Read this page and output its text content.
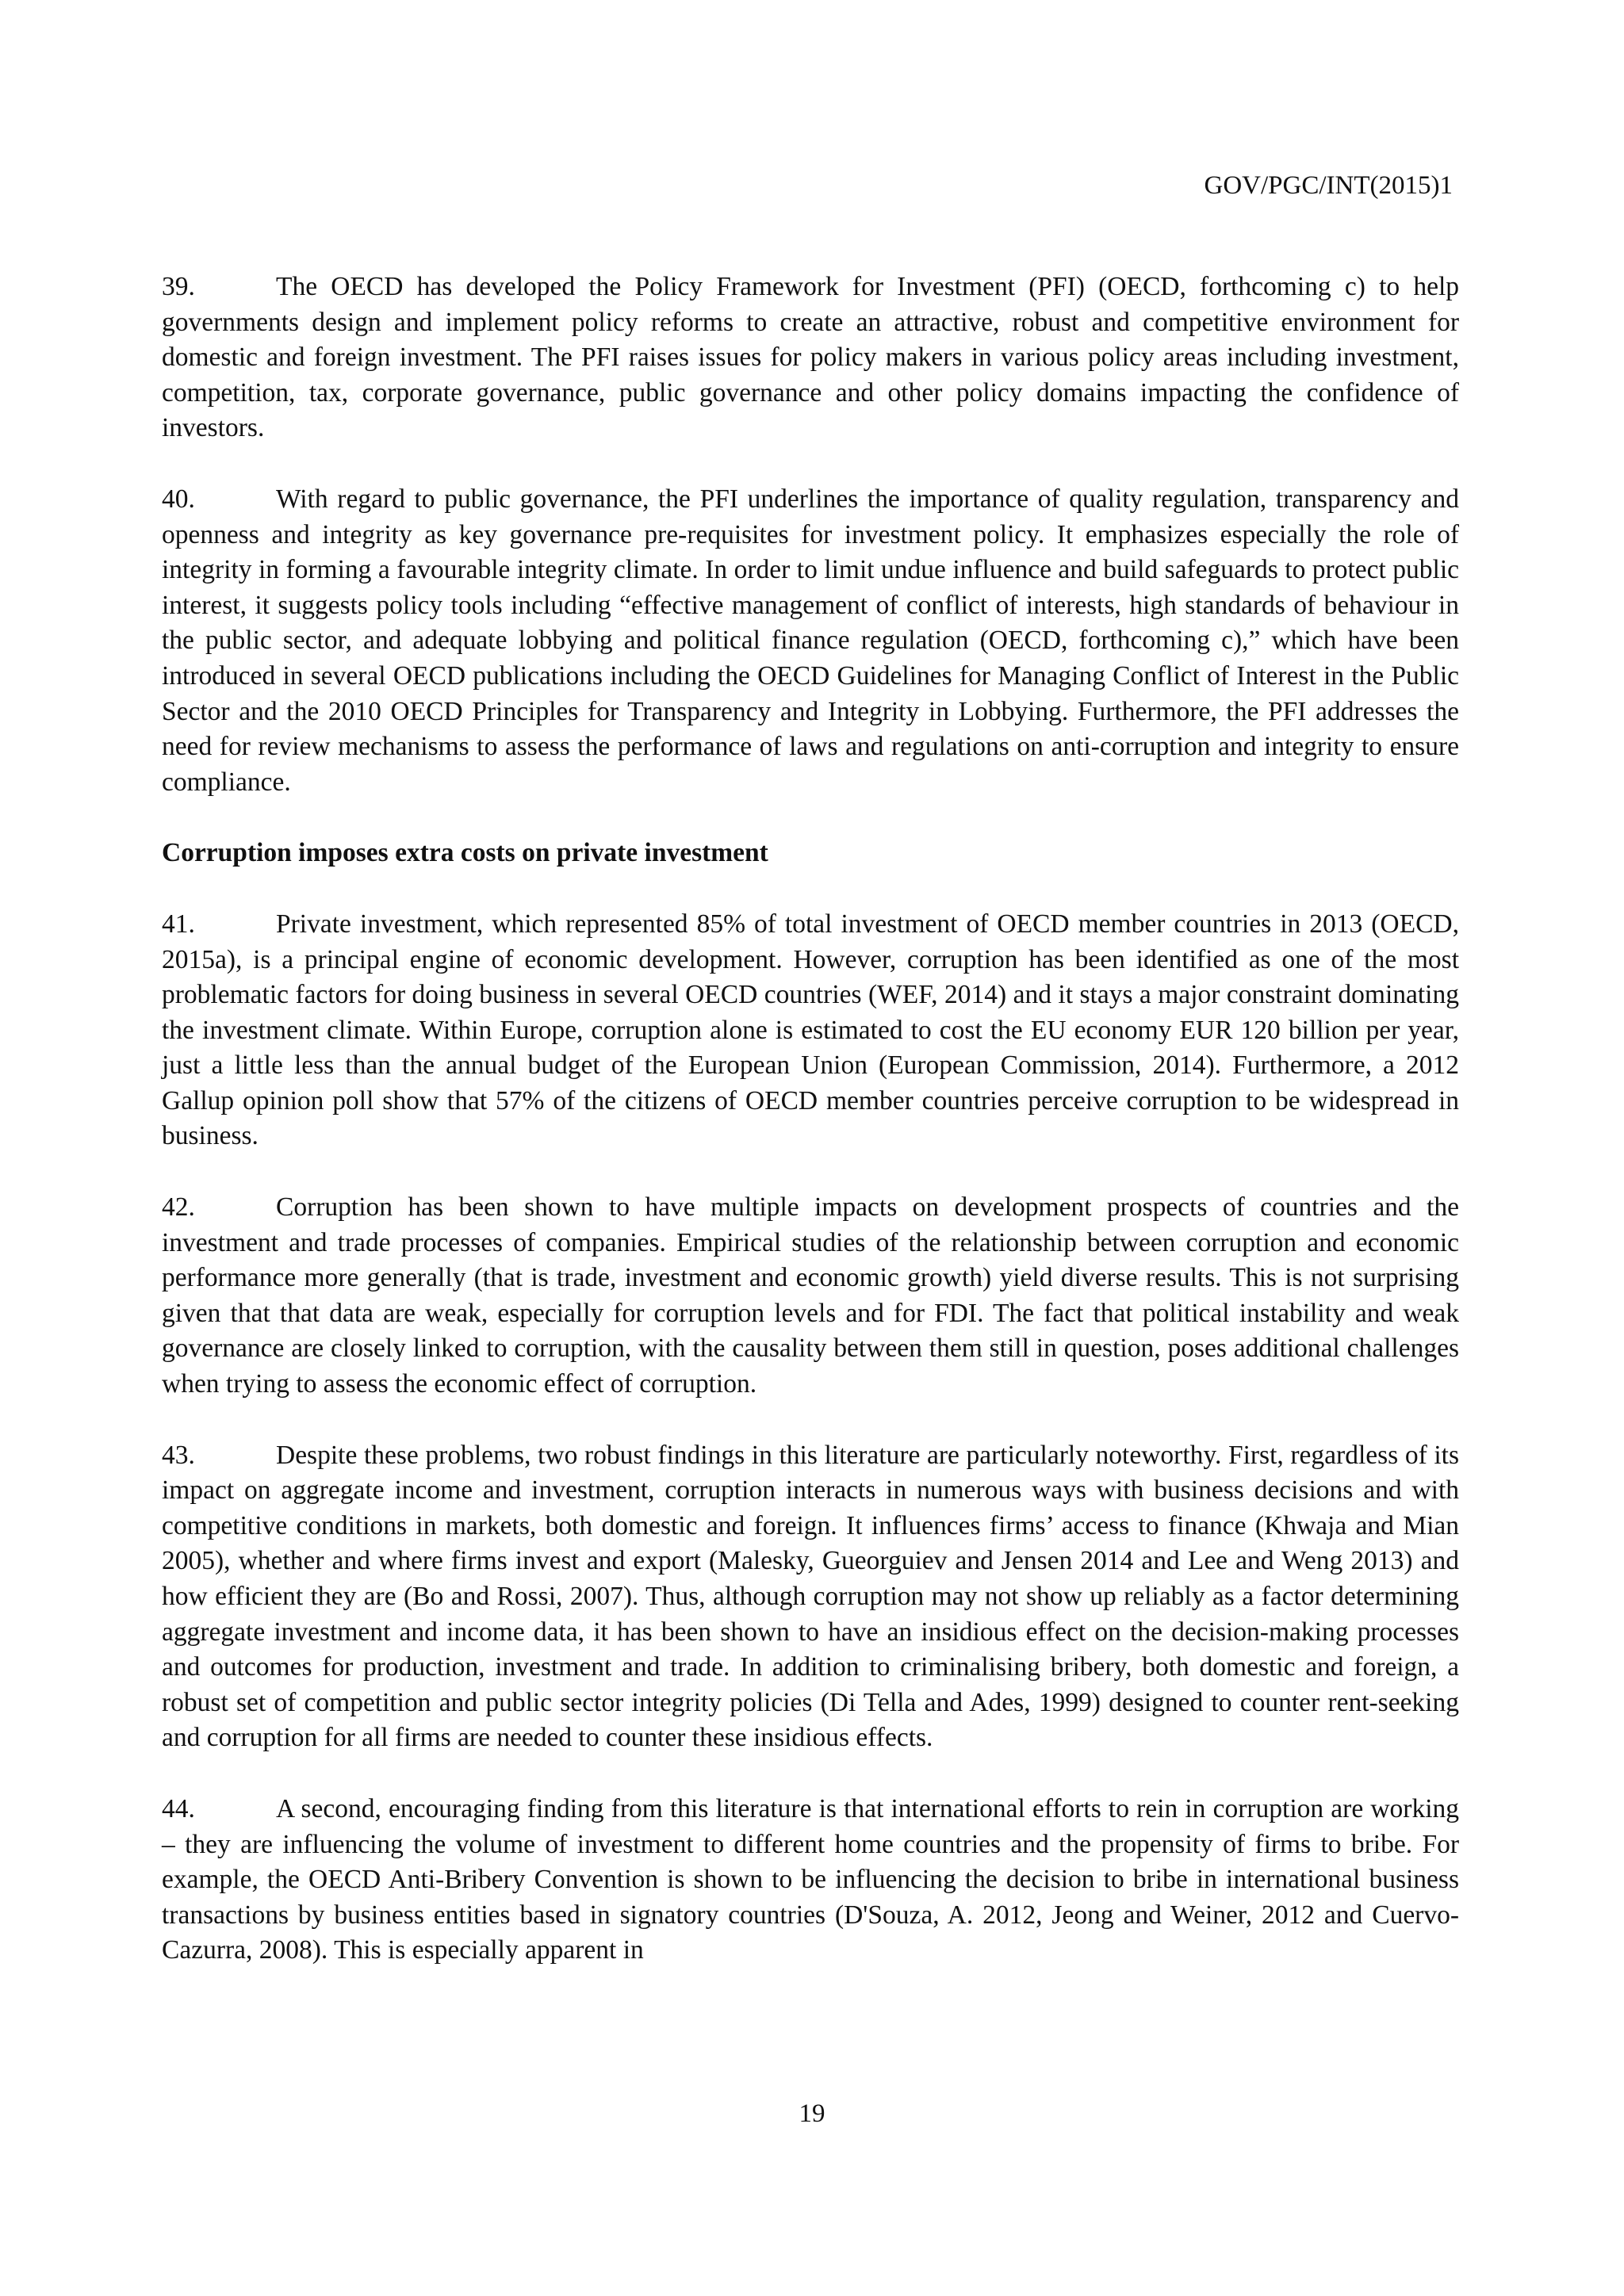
GOV/PGC/INT(2015)1

39.	The OECD has developed the Policy Framework for Investment (PFI) (OECD, forthcoming c) to help governments design and implement policy reforms to create an attractive, robust and competitive environment for domestic and foreign investment. The PFI raises issues for policy makers in various policy areas including investment, competition, tax, corporate governance, public governance and other policy domains impacting the confidence of investors.

40.	With regard to public governance, the PFI underlines the importance of quality regulation, transparency and openness and integrity as key governance pre-requisites for investment policy. It emphasizes especially the role of integrity in forming a favourable integrity climate. In order to limit undue influence and build safeguards to protect public interest, it suggests policy tools including “effective management of conflict of interests, high standards of behaviour in the public sector, and adequate lobbying and political finance regulation (OECD, forthcoming c),” which have been introduced in several OECD publications including the OECD Guidelines for Managing Conflict of Interest in the Public Sector and the 2010 OECD Principles for Transparency and Integrity in Lobbying. Furthermore, the PFI addresses the need for review mechanisms to assess the performance of laws and regulations on anti-corruption and integrity to ensure compliance.

Corruption imposes extra costs on private investment

41.	Private investment, which represented 85% of total investment of OECD member countries in 2013 (OECD, 2015a), is a principal engine of economic development. However, corruption has been identified as one of the most problematic factors for doing business in several OECD countries (WEF, 2014) and it stays a major constraint dominating the investment climate. Within Europe, corruption alone is estimated to cost the EU economy EUR 120 billion per year, just a little less than the annual budget of the European Union (European Commission, 2014). Furthermore, a 2012 Gallup opinion poll show that 57% of the citizens of OECD member countries perceive corruption to be widespread in business.

42.	Corruption has been shown to have multiple impacts on development prospects of countries and the investment and trade processes of companies. Empirical studies of the relationship between corruption and economic performance more generally (that is trade, investment and economic growth) yield diverse results. This is not surprising given that that data are weak, especially for corruption levels and for FDI. The fact that political instability and weak governance are closely linked to corruption, with the causality between them still in question, poses additional challenges when trying to assess the economic effect of corruption.

43.	Despite these problems, two robust findings in this literature are particularly noteworthy. First, regardless of its impact on aggregate income and investment, corruption interacts in numerous ways with business decisions and with competitive conditions in markets, both domestic and foreign. It influences firms’ access to finance (Khwaja and Mian 2005), whether and where firms invest and export (Malesky, Gueorguiev and Jensen 2014 and Lee and Weng 2013) and how efficient they are (Bo and Rossi, 2007). Thus, although corruption may not show up reliably as a factor determining aggregate investment and income data, it has been shown to have an insidious effect on the decision-making processes and outcomes for production, investment and trade. In addition to criminalising bribery, both domestic and foreign, a robust set of competition and public sector integrity policies (Di Tella and Ades, 1999) designed to counter rent-seeking and corruption for all firms are needed to counter these insidious effects.

44.	A second, encouraging finding from this literature is that international efforts to rein in corruption are working – they are influencing the volume of investment to different home countries and the propensity of firms to bribe. For example, the OECD Anti-Bribery Convention is shown to be influencing the decision to bribe in international business transactions by business entities based in signatory countries (D'Souza, A. 2012, Jeong and Weiner, 2012 and Cuervo-Cazurra, 2008). This is especially apparent in

19
